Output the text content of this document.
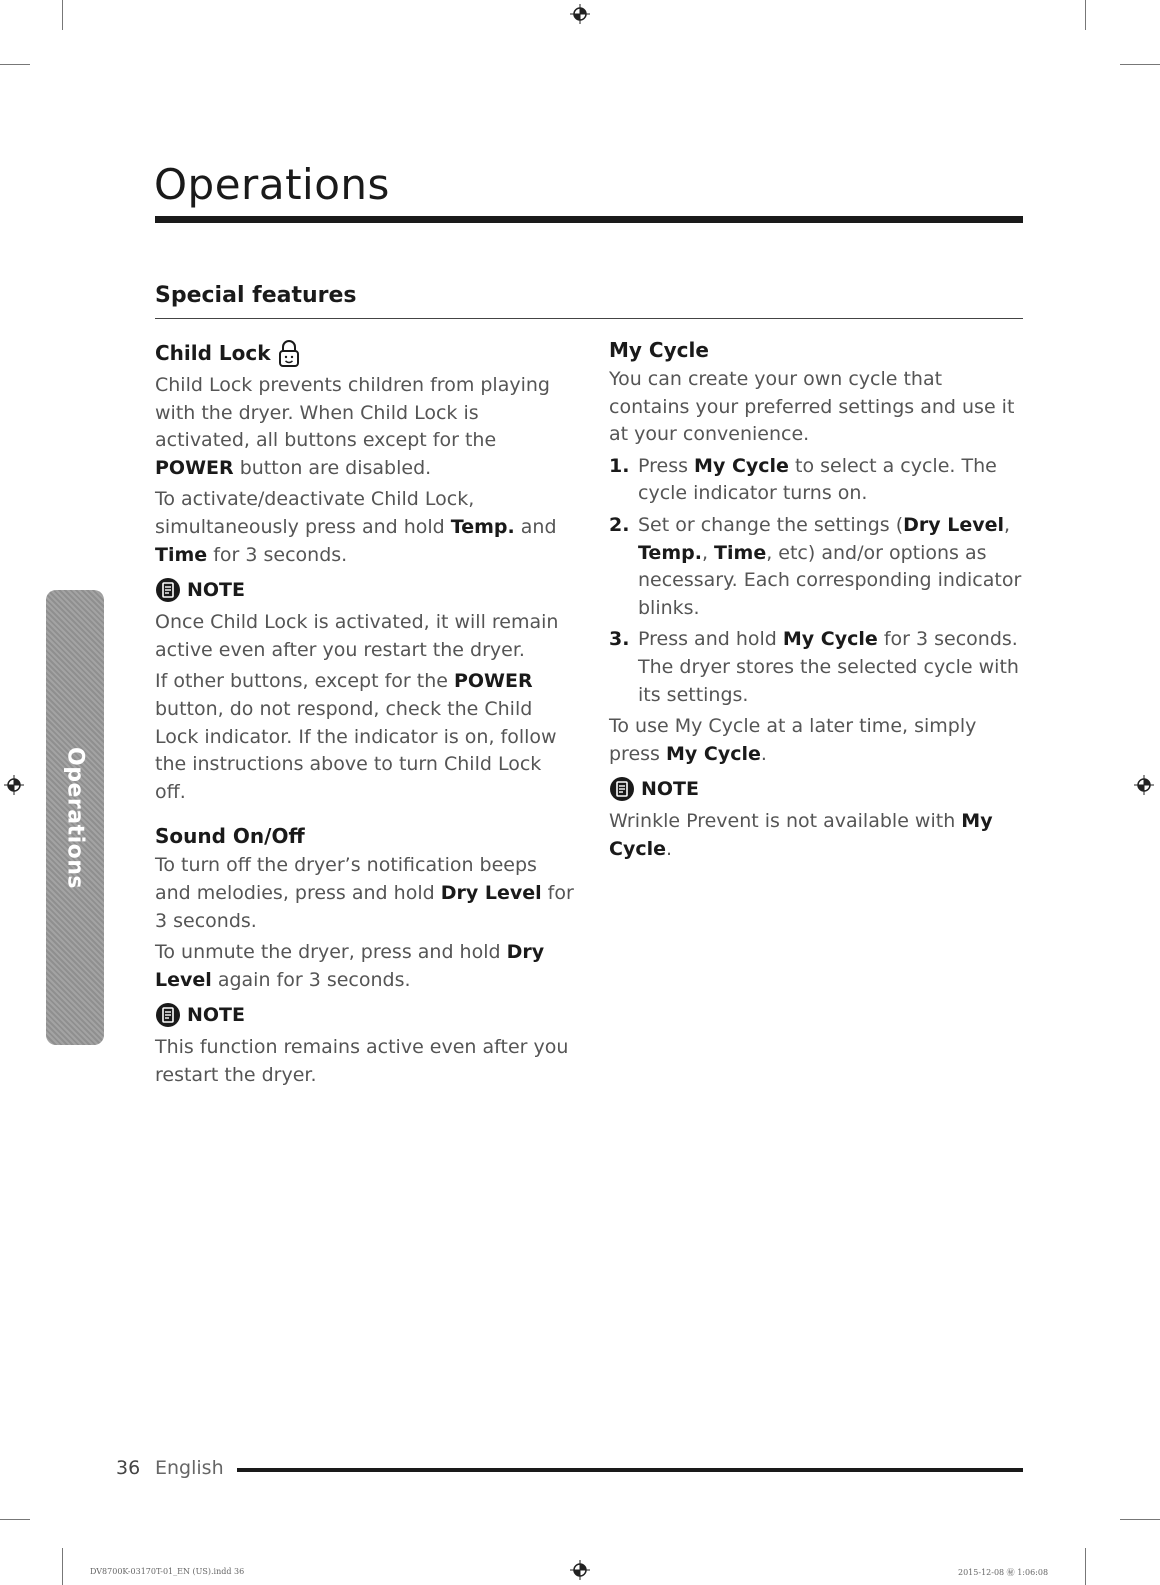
Operations
Special features
Operations
Child Lock

Child Lock prevents children from playing with the dryer. When Child Lock is activated, all buttons except for the POWER button are disabled.

To activate/deactivate Child Lock, simultaneously press and hold Temp. and Time for 3 seconds.

NOTE

Once Child Lock is activated, it will remain active even after you restart the dryer.

If other buttons, except for the POWER button, do not respond, check the Child Lock indicator. If the indicator is on, follow the instructions above to turn Child Lock off.

Sound On/Off

To turn off the dryer’s notification beeps and melodies, press and hold Dry Level for 3 seconds.

To unmute the dryer, press and hold Dry Level again for 3 seconds.

NOTE

This function remains active even after you restart the dryer.

My Cycle

You can create your own cycle that contains your preferred settings and use it at your convenience.

1. Press My Cycle to select a cycle. The cycle indicator turns on.
2. Set or change the settings (Dry Level, Temp., Time, etc) and/or options as necessary. Each corresponding indicator blinks.
3. Press and hold My Cycle for 3 seconds. The dryer stores the selected cycle with its settings.

To use My Cycle at a later time, simply press My Cycle.

NOTE

Wrinkle Prevent is not available with My Cycle.

36 English
DV8700K-03170T-01_EN (US).indd 36	2015-12-08 ㊙ 1:06:08
